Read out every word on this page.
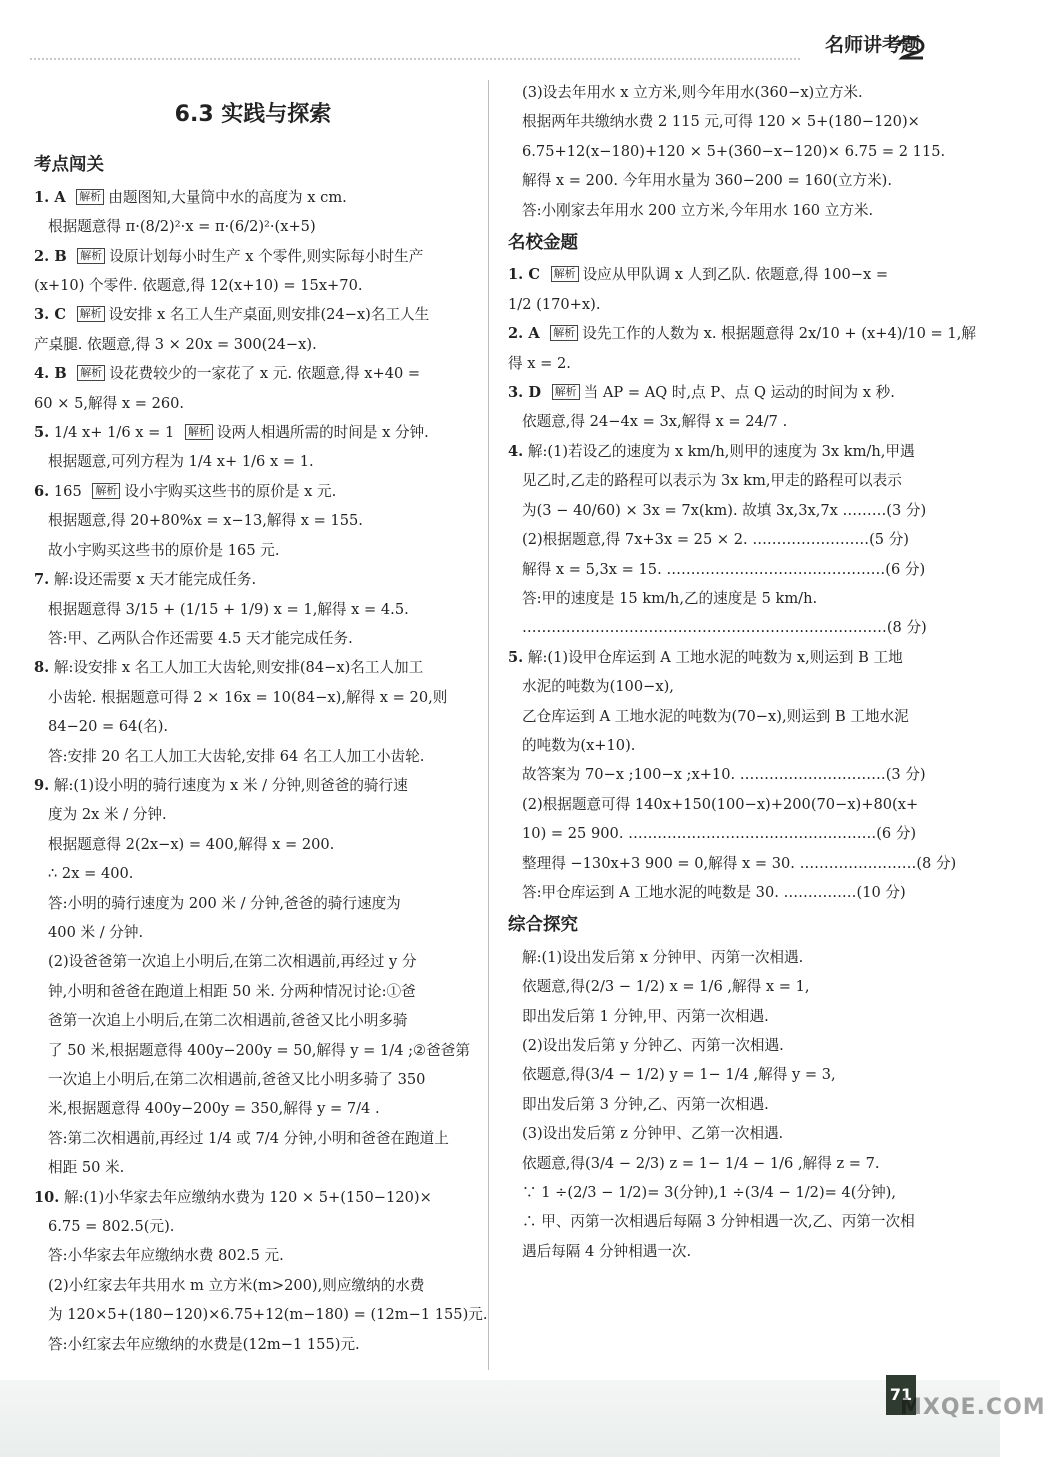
名师讲考题
6.3 实践与探索
考点闯关
1. A 解析 由题图知,大量筒中水的高度为 x cm.
根据题意得 π·(8/2)²·x = π·(6/2)²·(x+5)
2. B 解析 设原计划每小时生产 x 个零件,则实际每小时生产
(x+10) 个零件. 依题意,得 12(x+10) = 15x+70.
3. C 解析 设安排 x 名工人生产桌面,则安排(24−x)名工人生
产桌腿. 依题意,得 3 × 20x = 300(24−x).
4. B 解析 设花费较少的一家花了 x 元. 依题意,得 x+40 =
60 × 5,解得 x = 260.
5. 1/4 x+ 1/6 x = 1 解析 设两人相遇所需的时间是 x 分钟.
根据题意,可列方程为 1/4 x+ 1/6 x = 1.
6. 165 解析 设小宇购买这些书的原价是 x 元.
根据题意,得 20+80%x = x−13,解得 x = 155.
故小宇购买这些书的原价是 165 元.
7. 解:设还需要 x 天才能完成任务.
根据题意得 3/15 + (1/15 + 1/9) x = 1,解得 x = 4.5.
答:甲、乙两队合作还需要 4.5 天才能完成任务.
8. 解:设安排 x 名工人加工大齿轮,则安排(84−x)名工人加工
小齿轮. 根据题意可得 2 × 16x = 10(84−x),解得 x = 20,则
84−20 = 64(名).
答:安排 20 名工人加工大齿轮,安排 64 名工人加工小齿轮.
9. 解:(1)设小明的骑行速度为 x 米 / 分钟,则爸爸的骑行速
度为 2x 米 / 分钟.
根据题意得 2(2x−x) = 400,解得 x = 200.
∴ 2x = 400.
答:小明的骑行速度为 200 米 / 分钟,爸爸的骑行速度为
400 米 / 分钟.
(2)设爸爸第一次追上小明后,在第二次相遇前,再经过 y 分
钟,小明和爸爸在跑道上相距 50 米. 分两种情况讨论:①爸
爸第一次追上小明后,在第二次相遇前,爸爸又比小明多骑
了 50 米,根据题意得 400y−200y = 50,解得 y = 1/4 ;②爸爸第
一次追上小明后,在第二次相遇前,爸爸又比小明多骑了 350
米,根据题意得 400y−200y = 350,解得 y = 7/4 .
答:第二次相遇前,再经过 1/4 或 7/4 分钟,小明和爸爸在跑道上
相距 50 米.
10. 解:(1)小华家去年应缴纳水费为 120 × 5+(150−120)×
6.75 = 802.5(元).
答:小华家去年应缴纳水费 802.5 元.
(2)小红家去年共用水 m 立方米(m>200),则应缴纳的水费
为 120×5+(180−120)×6.75+12(m−180) = (12m−1 155)元.
答:小红家去年应缴纳的水费是(12m−1 155)元.
(3)设去年用水 x 立方米,则今年用水(360−x)立方米.
根据两年共缴纳水费 2 115 元,可得 120 × 5+(180−120)×
6.75+12(x−180)+120 × 5+(360−x−120)× 6.75 = 2 115.
解得 x = 200. 今年用水量为 360−200 = 160(立方米).
答:小刚家去年用水 200 立方米,今年用水 160 立方米.
名校金题
1. C 解析 设应从甲队调 x 人到乙队. 依题意,得 100−x =
1/2 (170+x).
2. A 解析 设先工作的人数为 x. 根据题意得 2x/10 + (x+4)/10 = 1,解
得 x = 2.
3. D 解析 当 AP = AQ 时,点 P、点 Q 运动的时间为 x 秒.
依题意,得 24−4x = 3x,解得 x = 24/7 .
4. 解:(1)若设乙的速度为 x km/h,则甲的速度为 3x km/h,甲遇
见乙时,乙走的路程可以表示为 3x km,甲走的路程可以表示
为(3 − 40/60) × 3x = 7x(km). 故填 3x,3x,7x ………(3 分)
(2)根据题意,得 7x+3x = 25 × 2. ……………………(5 分)
解得 x = 5,3x = 15. ………………………………………(6 分)
答:甲的速度是 15 km/h,乙的速度是 5 km/h.
…………………………………………………………………(8 分)
5. 解:(1)设甲仓库运到 A 工地水泥的吨数为 x,则运到 B 工地
水泥的吨数为(100−x),
乙仓库运到 A 工地水泥的吨数为(70−x),则运到 B 工地水泥
的吨数为(x+10).
故答案为 70−x ;100−x ;x+10. …………………………(3 分)
(2)根据题意可得 140x+150(100−x)+200(70−x)+80(x+
10) = 25 900. ……………………………………………(6 分)
整理得 −130x+3 900 = 0,解得 x = 30. ……………………(8 分)
答:甲仓库运到 A 工地水泥的吨数是 30. ……………(10 分)
综合探究
解:(1)设出发后第 x 分钟甲、丙第一次相遇.
依题意,得(2/3 − 1/2) x = 1/6 ,解得 x = 1,
即出发后第 1 分钟,甲、丙第一次相遇.
(2)设出发后第 y 分钟乙、丙第一次相遇.
依题意,得(3/4 − 1/2) y = 1− 1/4 ,解得 y = 3,
即出发后第 3 分钟,乙、丙第一次相遇.
(3)设出发后第 z 分钟甲、乙第一次相遇.
依题意,得(3/4 − 2/3) z = 1− 1/4 − 1/6 ,解得 z = 7.
∵ 1 ÷(2/3 − 1/2)= 3(分钟),1 ÷(3/4 − 1/2)= 4(分钟),
∴ 甲、丙第一次相遇后每隔 3 分钟相遇一次,乙、丙第一次相
遇后每隔 4 分钟相遇一次.
71
MXQE.COM
